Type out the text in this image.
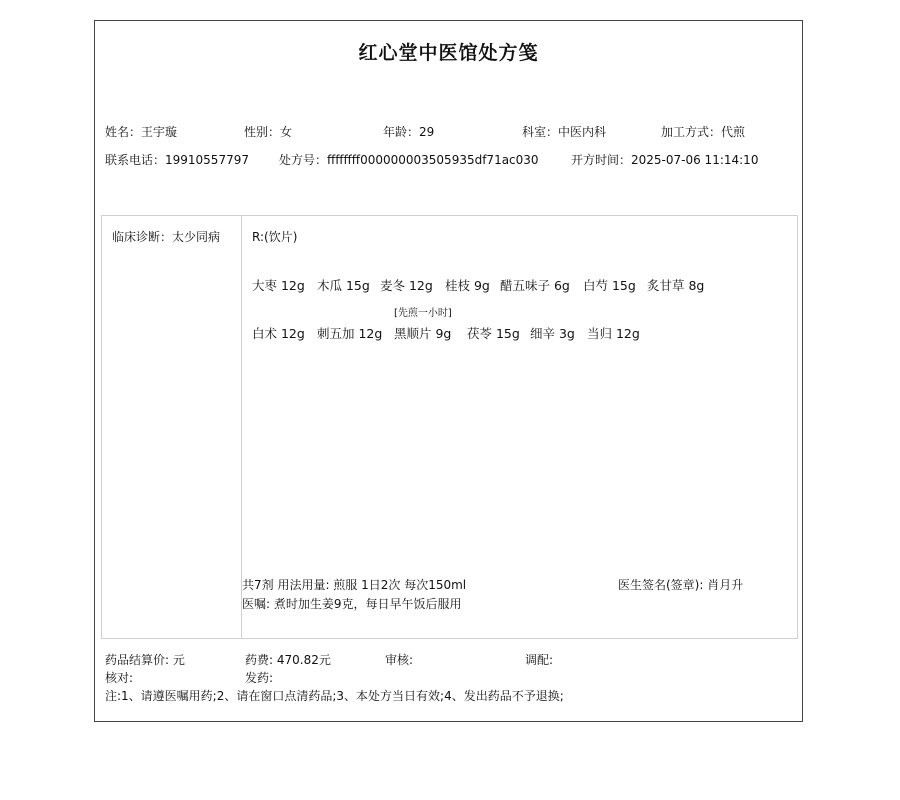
红心堂中医馆处方笺
姓名：王宇璇	性别：女	年龄：29	科室：中医内科	加工方式：代煎
联系电话：19910557797	处方号：ffffffff000000003505935df71ac030	开方时间：2025-07-06 11:14:10
临床诊断：太少同病	R:(饮片)
大枣 12g 木瓜 15g 麦冬 12g 桂枝 9g 醋五味子 6g 白芍 15g 炙甘草 8g
[先煎一小时]
白术 12g 刺五加 12g 黑顺片 9g 茯苓 15g 细辛 3g 当归 12g
共7剂 用法用量: 煎服 1日2次 每次150ml	医生签名(签章): 肖月升
医嘱: 煮时加生姜9克，每日早午饭后服用
药品结算价: 元	药费: 470.82元	审核:	调配:
核对:	发药:
注:1、请遵医嘱用药;2、请在窗口点清药品;3、本处方当日有效;4、发出药品不予退换;
